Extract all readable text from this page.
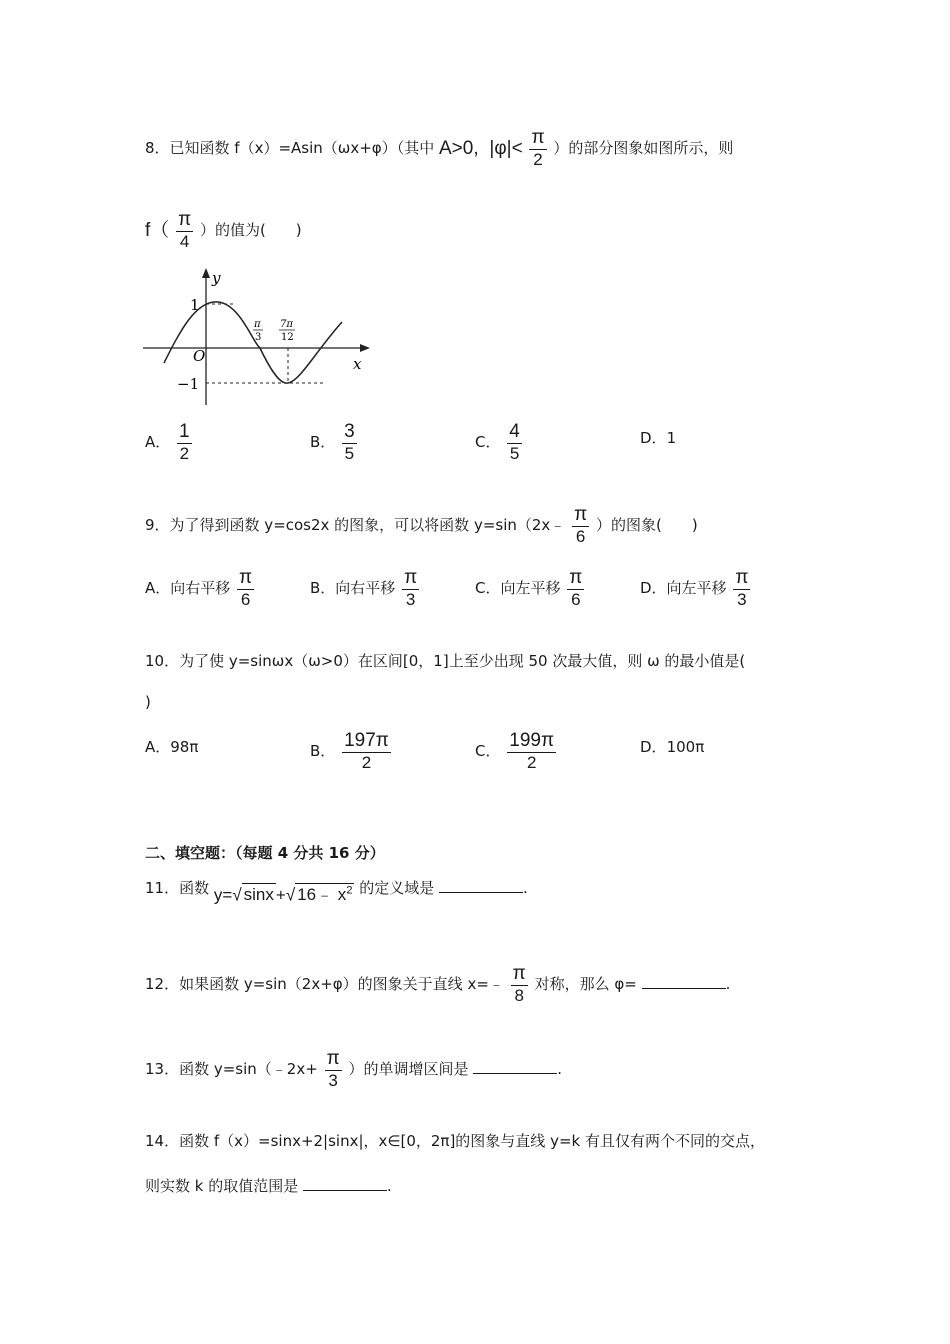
8．已知函数 f（x）=Asin（ωx+φ）（其中 A>0, $|\varphi|< \frac{\pi}{2}$ ）的部分图象如图所示，则
$f( \frac{\pi}{4}$ ）的值为(　　)
y
x
O
1
−1
π
3
7π
12
A． $\frac{1}{2}$	B． $\frac{3}{5}$	C． $\frac{4}{5}$	D．1
9．为了得到函数 y=cos2x 的图象，可以将函数 y=sin（2x﹣ $\frac{\pi}{6}$ ）的图象(　　)
A．向右平移 $\frac{\pi}{6}$	B．向右平移 $\frac{\pi}{3}$	C．向左平移 $\frac{\pi}{6}$	D．向左平移 $\frac{\pi}{3}$
10．为了使 y=sinωx（ω>0）在区间[0，1]上至少出现 50 次最大值，则 ω 的最小值是(
)
A．98π	B． $\frac{197\pi}{2}$	C． $\frac{199\pi}{2}$	D．100π
二、填空题：（每题 4 分共 16 分）
11．函数 y=√ sinx +√ 16﹣ $x^2$ 的定义域是	.
12．如果函数 y=sin（2x+φ）的图象关于直线 x=﹣ $\frac{\pi}{8}$ 对称，那么 φ=	.
13．函数 y=sin（﹣2x+ $\frac{\pi}{3}$ ）的单调增区间是	.
14．函数 f（x）=sinx+2|sinx|，x∈[0，2π]的图象与直线 y=k 有且仅有两个不同的交点，
则实数 k 的取值范围是	.
